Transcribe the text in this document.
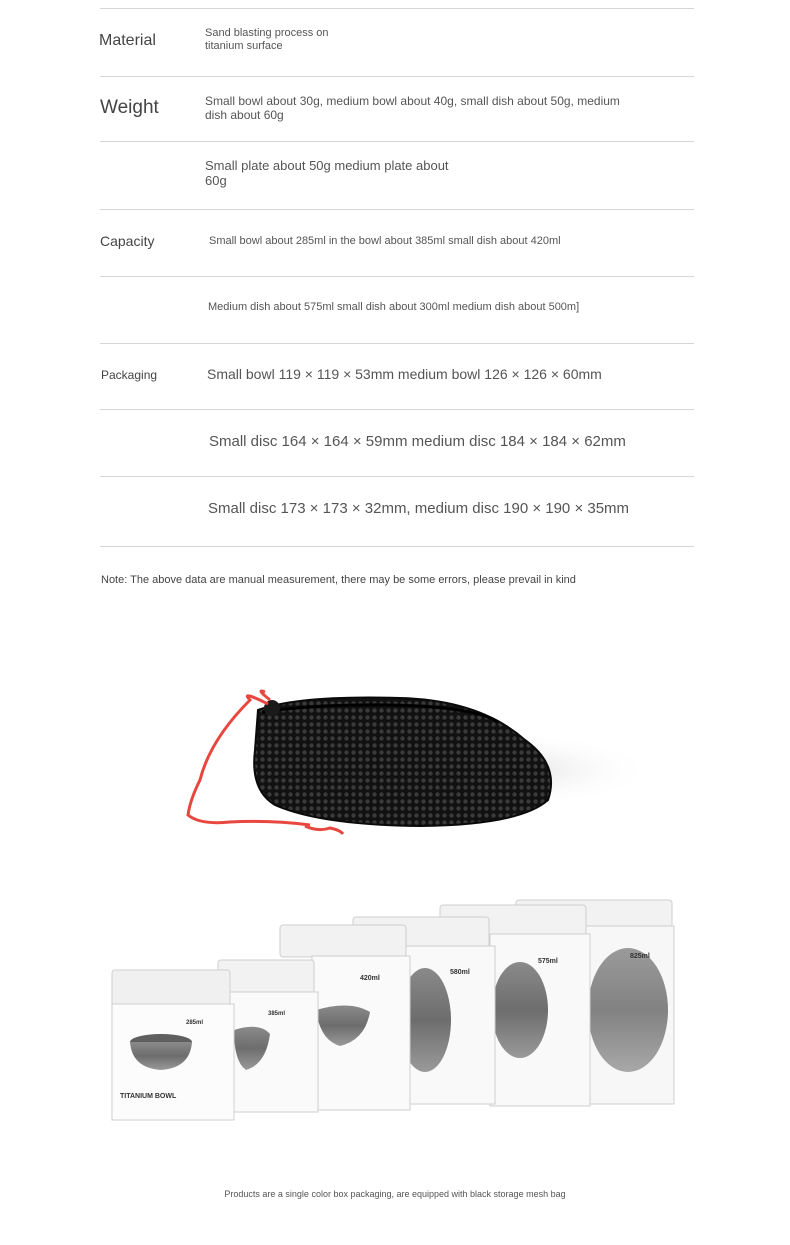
Material	Sand blasting process on titanium surface
Weight	Small bowl about 30g, medium bowl about 40g, small dish about 50g, medium dish about 60g
Small plate about 50g medium plate about 60g
Capacity	Small bowl about 285ml in the bowl about 385ml small dish about 420ml
Medium dish about 575ml small dish about 300ml medium dish about 500m]
Packaging	Small bowl 119 × 119 × 53mm medium bowl 126 × 126 × 60mm
Small disc 164 × 164 × 59mm medium disc 184 × 184 × 62mm
Small disc 173 × 173 × 32mm, medium disc 190 × 190 × 35mm
Note: The above data are manual measurement, there may be some errors, please prevail in kind
825ml
575ml
580ml
420ml
385ml
285ml
TITANIUM BOWL
Products are a single color box packaging, are equipped with black storage mesh bag
